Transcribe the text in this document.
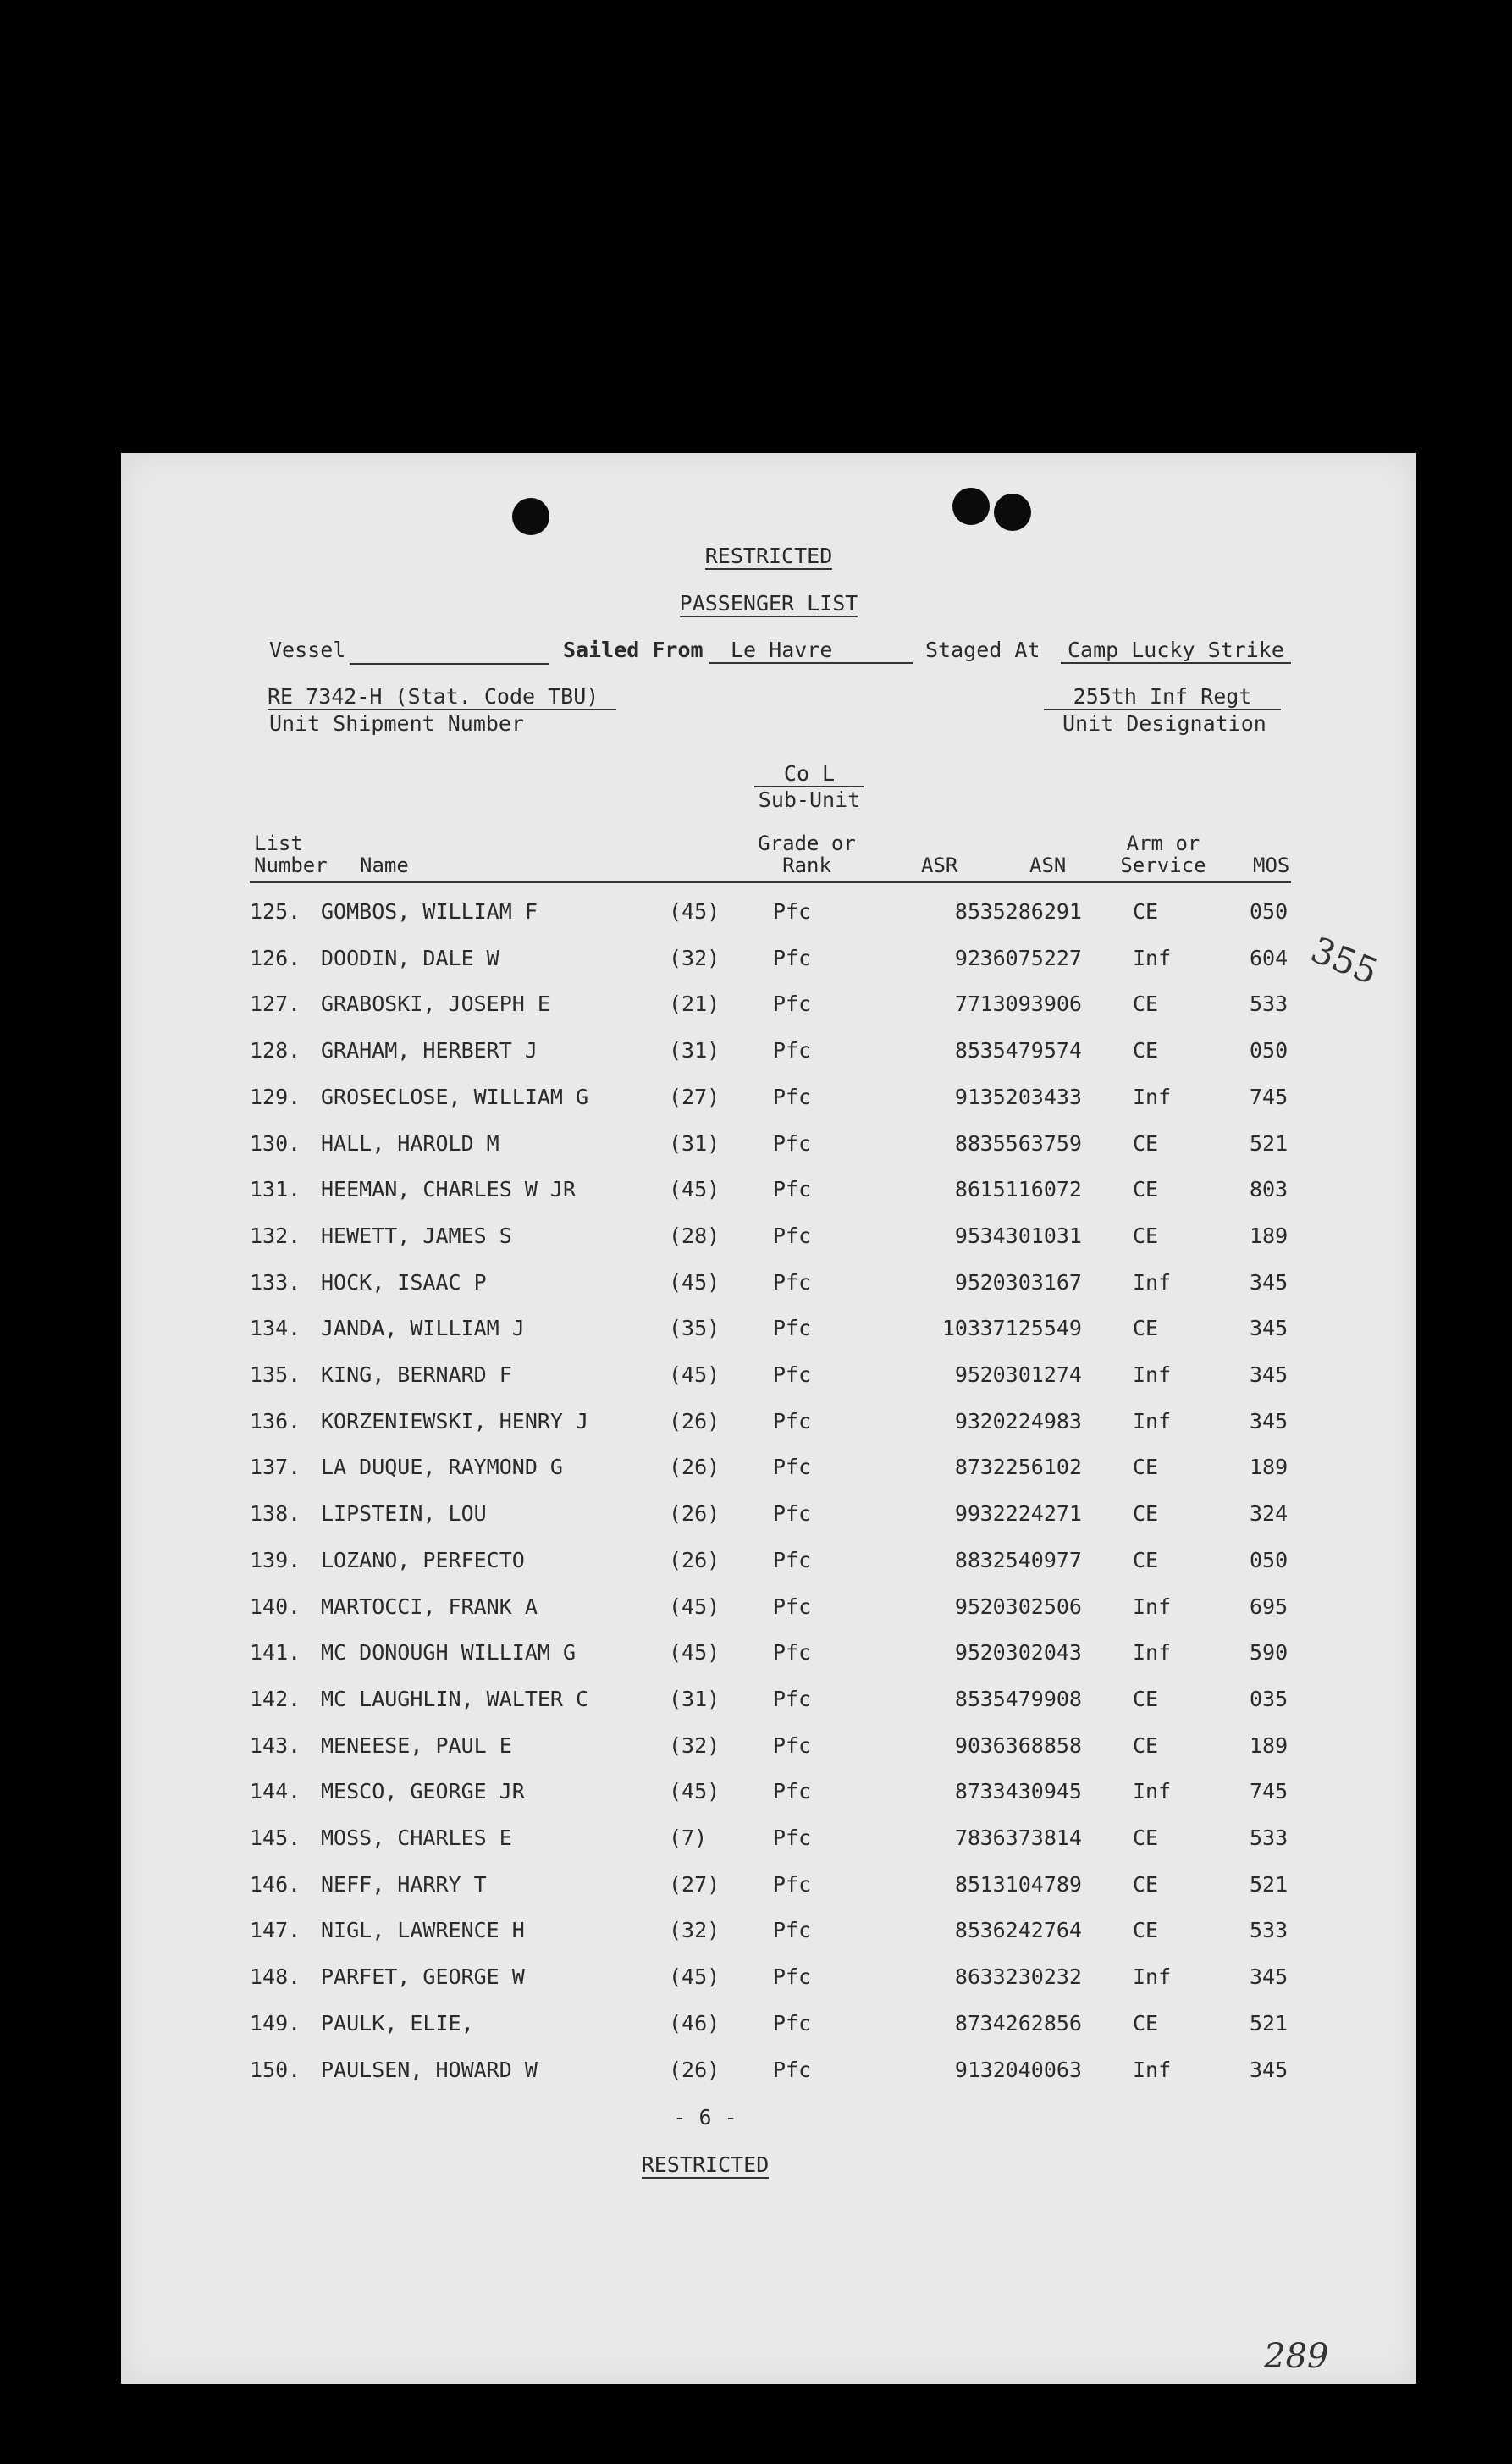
RESTRICTED
PASSENGER LIST
Vessel	Sailed From	Le Havre	Staged At	Camp Lucky Strike
RE 7342-H (Stat. Code TBU)
Unit Shipment Number
255th Inf Regt
Unit Designation
Co L
Sub-Unit
List
Number Name
Grade or
Rank	ASR	ASN
Arm or
Service	MOS
125. GOMBOS, WILLIAM F	(45)	Pfc	85 35286291 CE	050
126. DOODIN, DALE W	(32)	Pfc	92 36075227 Inf	604
127. GRABOSKI, JOSEPH E	(21)	Pfc	77 13093906 CE	533
128. GRAHAM, HERBERT J	(31)	Pfc	85 35479574 CE	050
129. GROSECLOSE, WILLIAM G	(27)	Pfc	91 35203433 Inf	745
130. HALL, HAROLD M	(31)	Pfc	88 35563759 CE	521
131. HEEMAN, CHARLES W JR	(45)	Pfc	86 15116072 CE	803
132. HEWETT, JAMES S	(28)	Pfc	95 34301031 CE	189
133. HOCK, ISAAC P	(45)	Pfc	95 20303167 Inf	345
134. JANDA, WILLIAM J	(35)	Pfc	103 37125549 CE	345
135. KING, BERNARD F	(45)	Pfc	95 20301274 Inf	345
136. KORZENIEWSKI, HENRY J	(26)	Pfc	93 20224983 Inf	345
137. LA DUQUE, RAYMOND G	(26)	Pfc	87 32256102 CE	189
138. LIPSTEIN, LOU	(26)	Pfc	99 32224271 CE	324
139. LOZANO, PERFECTO	(26)	Pfc	88 32540977 CE	050
140. MARTOCCI, FRANK A	(45)	Pfc	95 20302506 Inf	695
141. MC DONOUGH WILLIAM G	(45)	Pfc	95 20302043 Inf	590
142. MC LAUGHLIN, WALTER C	(31)	Pfc	85 35479908 CE	035
143. MENEESE, PAUL E	(32)	Pfc	90 36368858 CE	189
144. MESCO, GEORGE JR	(45)	Pfc	87 33430945 Inf	745
145. MOSS, CHARLES E	(7)	Pfc	78 36373814 CE	533
146. NEFF, HARRY T	(27)	Pfc	85 13104789 CE	521
147. NIGL, LAWRENCE H	(32)	Pfc	85 36242764 CE	533
148. PARFET, GEORGE W	(45)	Pfc	86 33230232 Inf	345
149. PAULK, ELIE,	(46)	Pfc	87 34262856 CE	521
150. PAULSEN, HOWARD W	(26)	Pfc	91 32040063 Inf	345
- 6 -
RESTRICTED
355
289
